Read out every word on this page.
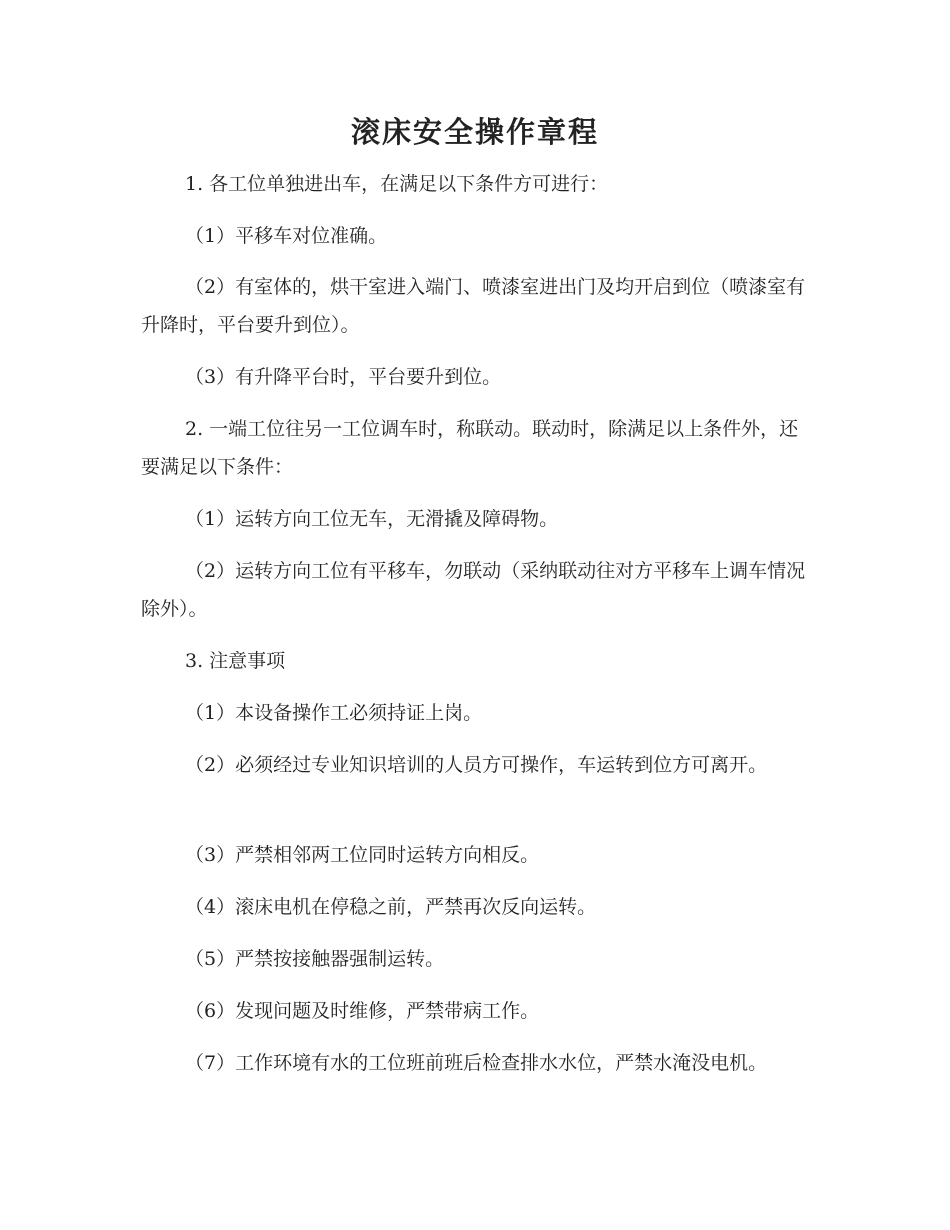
滚床安全操作章程
1. 各工位单独进出车，在满足以下条件方可进行：
（1）平移车对位准确。
（2）有室体的，烘干室进入端门、喷漆室进出门及均开启到位（喷漆室有升降时，平台要升到位）。
（3）有升降平台时，平台要升到位。
2. 一端工位往另一工位调车时，称联动。联动时，除满足以上条件外，还要满足以下条件：
（1）运转方向工位无车，无滑撬及障碍物。
（2）运转方向工位有平移车，勿联动（采纳联动往对方平移车上调车情况除外）。
3. 注意事项
（1）本设备操作工必须持证上岗。
（2）必须经过专业知识培训的人员方可操作，车运转到位方可离开。
（3）严禁相邻两工位同时运转方向相反。
（4）滚床电机在停稳之前，严禁再次反向运转。
（5）严禁按接触器强制运转。
（6）发现问题及时维修，严禁带病工作。
（7）工作环境有水的工位班前班后检查排水水位，严禁水淹没电机。
